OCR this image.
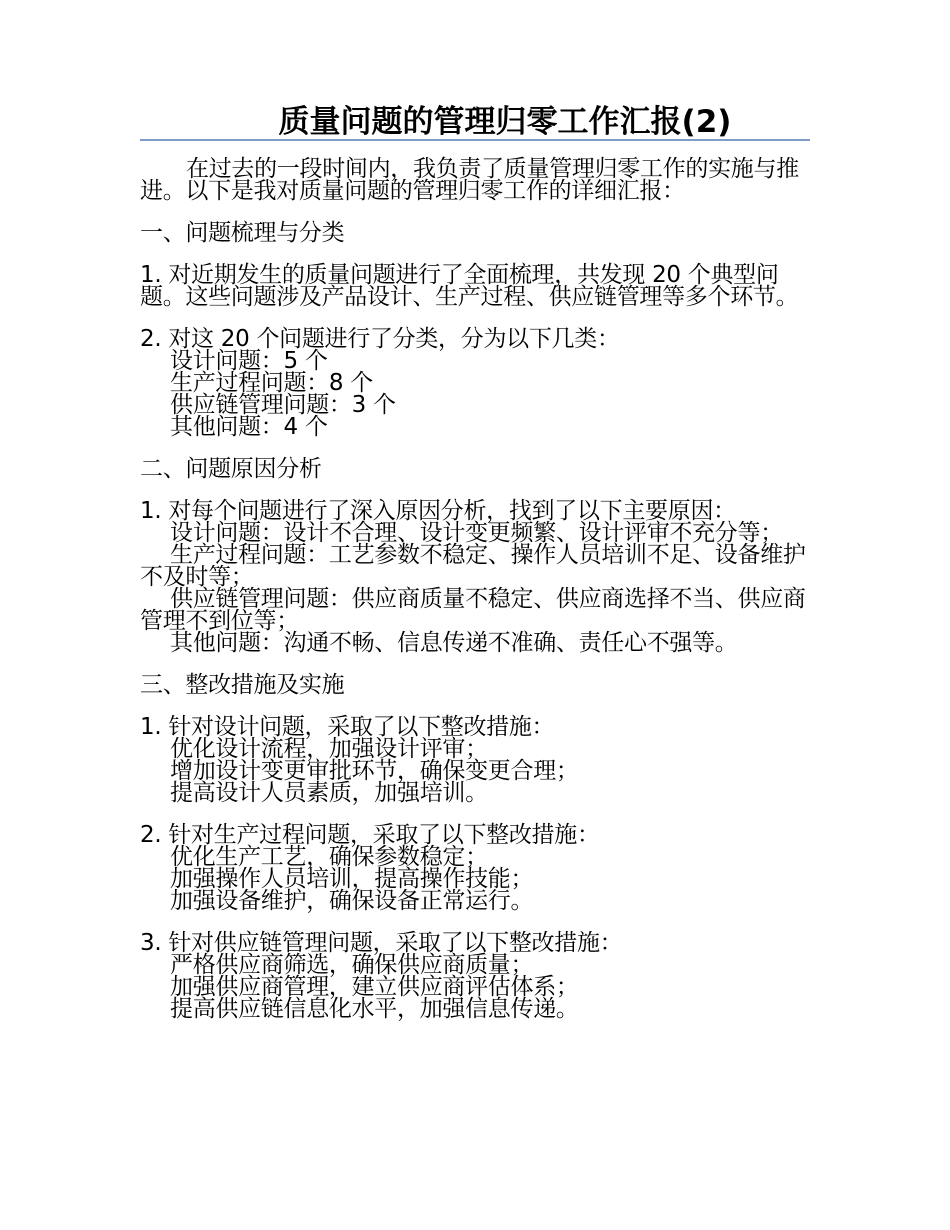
质量问题的管理归零工作汇报(2)

在过去的一段时间内，我负责了质量管理归零工作的实施与推进。以下是我对质量问题的管理归零工作的详细汇报：

一、问题梳理与分类

1. 对近期发生的质量问题进行了全面梳理，共发现 20 个典型问题。这些问题涉及产品设计、生产过程、供应链管理等多个环节。

2. 对这 20 个问题进行了分类，分为以下几类：

设计问题：5 个

生产过程问题：8 个

供应链管理问题：3 个

其他问题：4 个

二、问题原因分析

1. 对每个问题进行了深入原因分析，找到了以下主要原因：

设计问题：设计不合理、设计变更频繁、设计评审不充分等；

生产过程问题：工艺参数不稳定、操作人员培训不足、设备维护不及时等；

供应链管理问题：供应商质量不稳定、供应商选择不当、供应商管理不到位等；

其他问题：沟通不畅、信息传递不准确、责任心不强等。

三、整改措施及实施

1. 针对设计问题，采取了以下整改措施：

优化设计流程，加强设计评审；

增加设计变更审批环节，确保变更合理；

提高设计人员素质，加强培训。

2. 针对生产过程问题，采取了以下整改措施：

优化生产工艺，确保参数稳定；

加强操作人员培训，提高操作技能；

加强设备维护，确保设备正常运行。

3. 针对供应链管理问题，采取了以下整改措施：

严格供应商筛选，确保供应商质量；

加强供应商管理，建立供应商评估体系；

提高供应链信息化水平，加强信息传递。
